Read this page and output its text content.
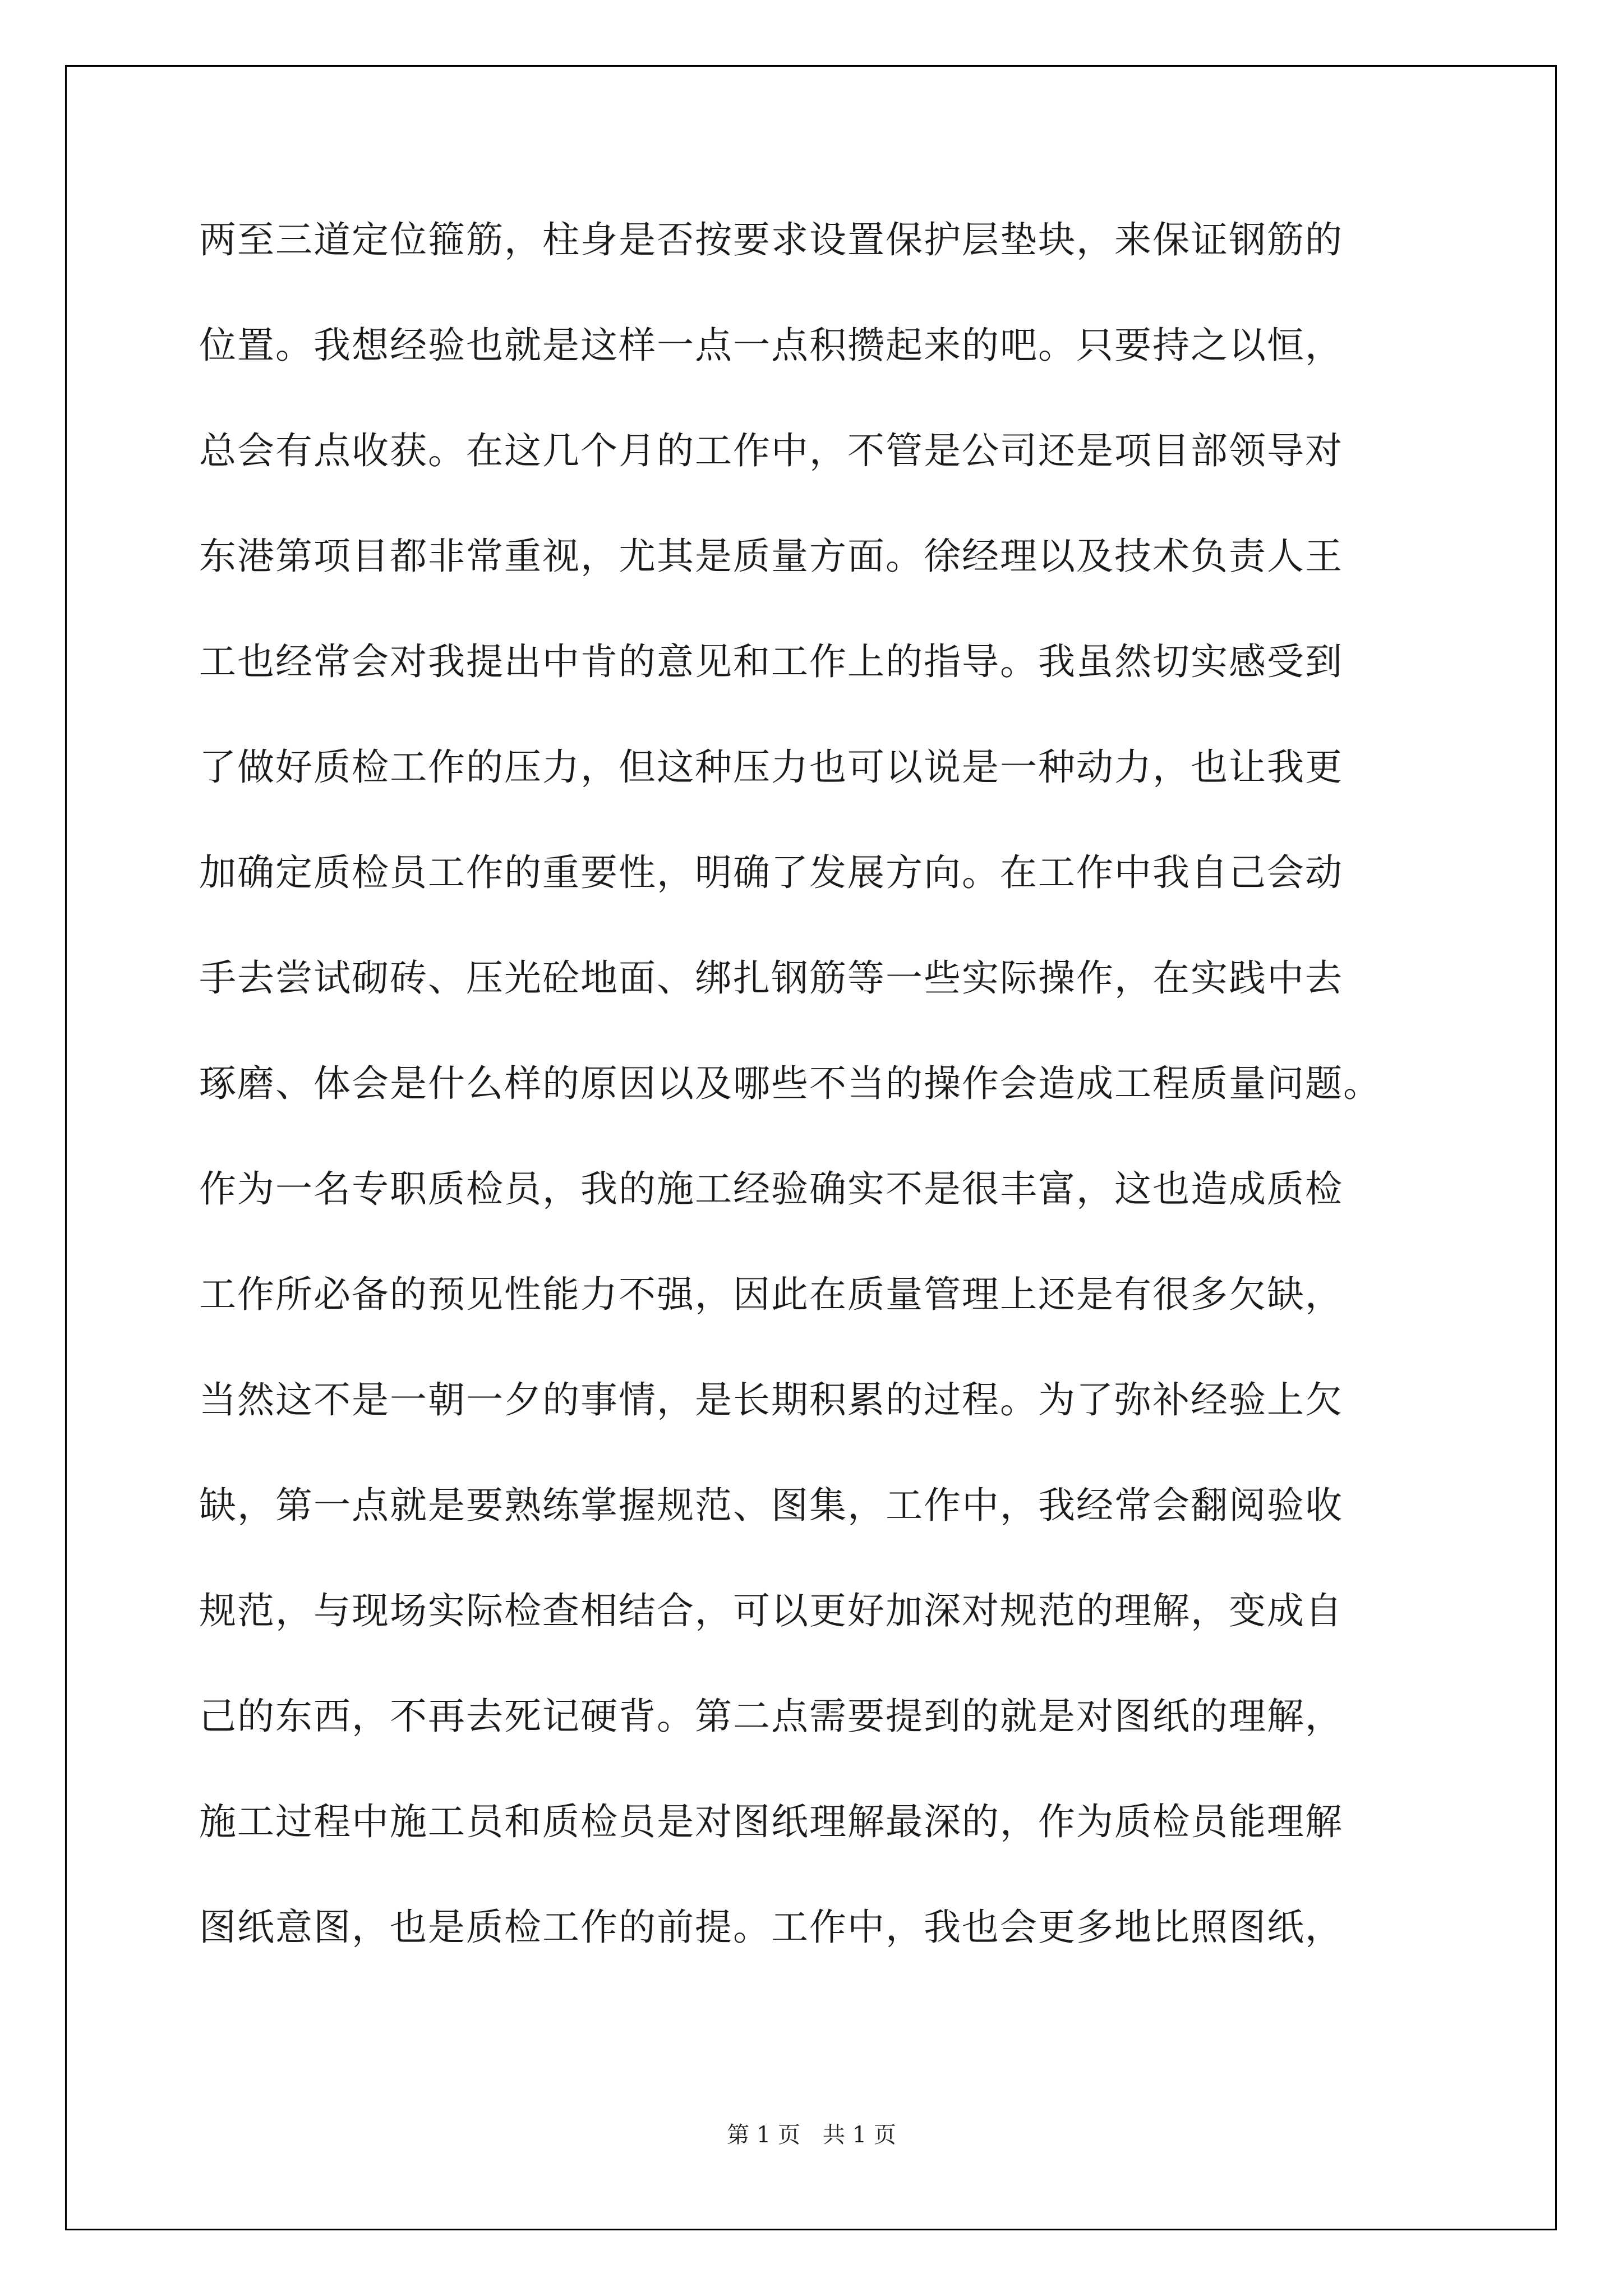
两至三道定位箍筋，柱身是否按要求设置保护层垫块，来保证钢筋的
位置。我想经验也就是这样一点一点积攒起来的吧。只要持之以恒，
总会有点收获。在这几个月的工作中，不管是公司还是项目部领导对
东港第项目都非常重视，尤其是质量方面。徐经理以及技术负责人王
工也经常会对我提出中肯的意见和工作上的指导。我虽然切实感受到
了做好质检工作的压力，但这种压力也可以说是一种动力，也让我更
加确定质检员工作的重要性，明确了发展方向。在工作中我自己会动
手去尝试砌砖、压光砼地面、绑扎钢筋等一些实际操作，在实践中去
琢磨、体会是什么样的原因以及哪些不当的操作会造成工程质量问题。
作为一名专职质检员，我的施工经验确实不是很丰富，这也造成质检
工作所必备的预见性能力不强，因此在质量管理上还是有很多欠缺，
当然这不是一朝一夕的事情，是长期积累的过程。为了弥补经验上欠
缺，第一点就是要熟练掌握规范、图集，工作中，我经常会翻阅验收
规范，与现场实际检查相结合，可以更好加深对规范的理解，变成自
己的东西，不再去死记硬背。第二点需要提到的就是对图纸的理解，
施工过程中施工员和质检员是对图纸理解最深的，作为质检员能理解
图纸意图，也是质检工作的前提。工作中，我也会更多地比照图纸，
第 1 页　共 1 页
